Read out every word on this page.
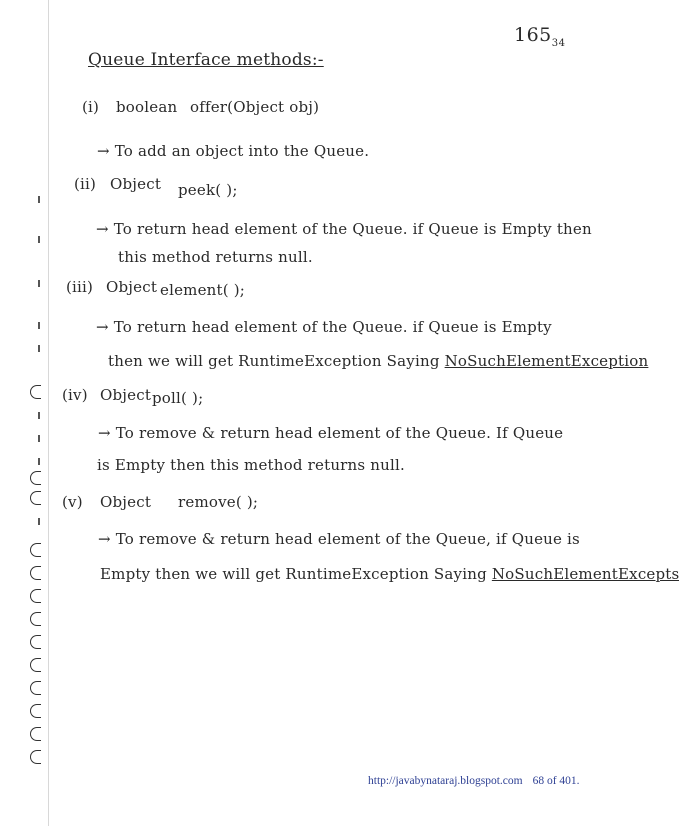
$165_{34}$
Queue Interface methods:-
(i) boolean offer(Object obj)
→ To add an object into the Queue.
(ii) Object peek( );
→ To return head element of the Queue. if Queue is Empty then
this method returns null.
(iii) Object element( );
→ To return head element of the Queue. if Queue is Empty
then we will get RuntimeException Saying NoSuchElementException
(iv) Object poll( );
→ To remove & return head element of the Queue. If Queue
is Empty then this method returns null.
(v) Object remove( );
→ To remove & return head element of the Queue, if Queue is
Empty then we will get RuntimeException Saying NoSuchElementExcepts
http://javabynataraj.blogspot.com 68 of 401.
